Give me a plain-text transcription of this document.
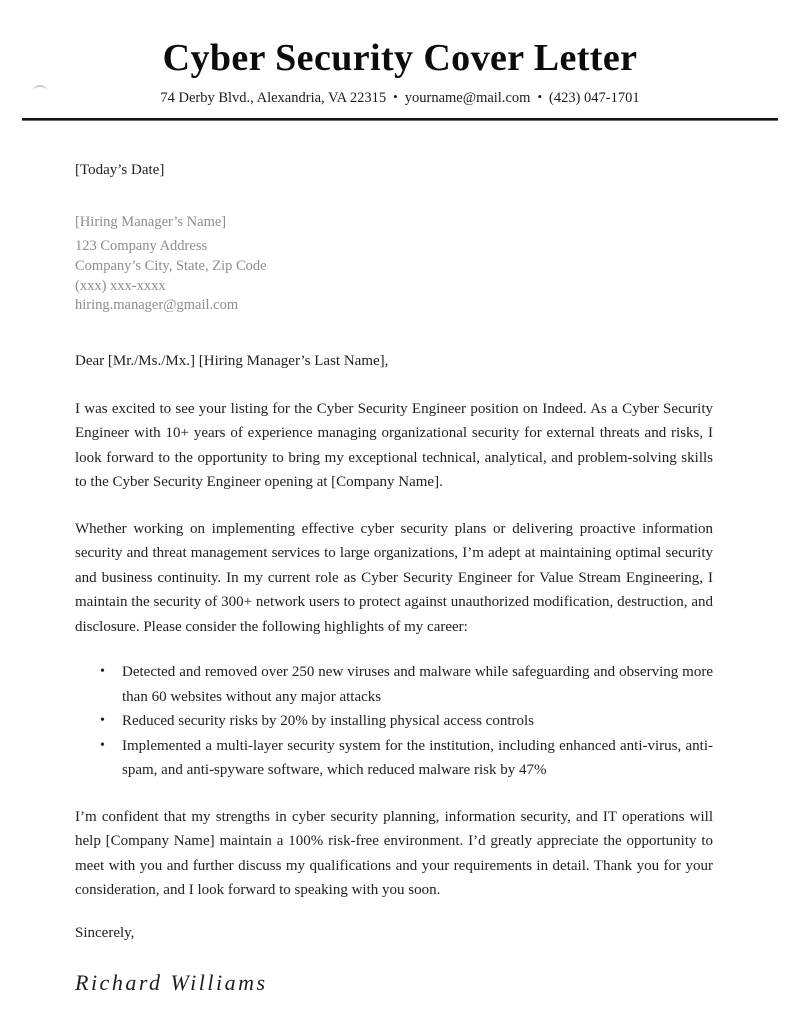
Cyber Security Cover Letter
74 Derby Blvd., Alexandria, VA 22315 • yourname@mail.com • (423) 047-1701
[Today’s Date]
[Hiring Manager’s Name]
123 Company Address
Company’s City, State, Zip Code
(xxx) xxx-xxxx
hiring.manager@gmail.com
Dear [Mr./Ms./Mx.] [Hiring Manager’s Last Name],

I was excited to see your listing for the Cyber Security Engineer position on Indeed. As a Cyber Security Engineer with 10+ years of experience managing organizational security for external threats and risks, I look forward to the opportunity to bring my exceptional technical, analytical, and problem-solving skills to the Cyber Security Engineer opening at [Company Name].

Whether working on implementing effective cyber security plans or delivering proactive information security and threat management services to large organizations, I’m adept at maintaining optimal security and business continuity. In my current role as Cyber Security Engineer for Value Stream Engineering, I maintain the security of 300+ network users to protect against unauthorized modification, destruction, and disclosure. Please consider the following highlights of my career:

• Detected and removed over 250 new viruses and malware while safeguarding and observing more than 60 websites without any major attacks
• Reduced security risks by 20% by installing physical access controls
• Implemented a multi-layer security system for the institution, including enhanced anti-virus, anti-spam, and anti-spyware software, which reduced malware risk by 47%

I’m confident that my strengths in cyber security planning, information security, and IT operations will help [Company Name] maintain a 100% risk-free environment. I’d greatly appreciate the opportunity to meet with you and further discuss my qualifications and your requirements in detail. Thank you for your consideration, and I look forward to speaking with you soon.

Sincerely,
Richard Williams
